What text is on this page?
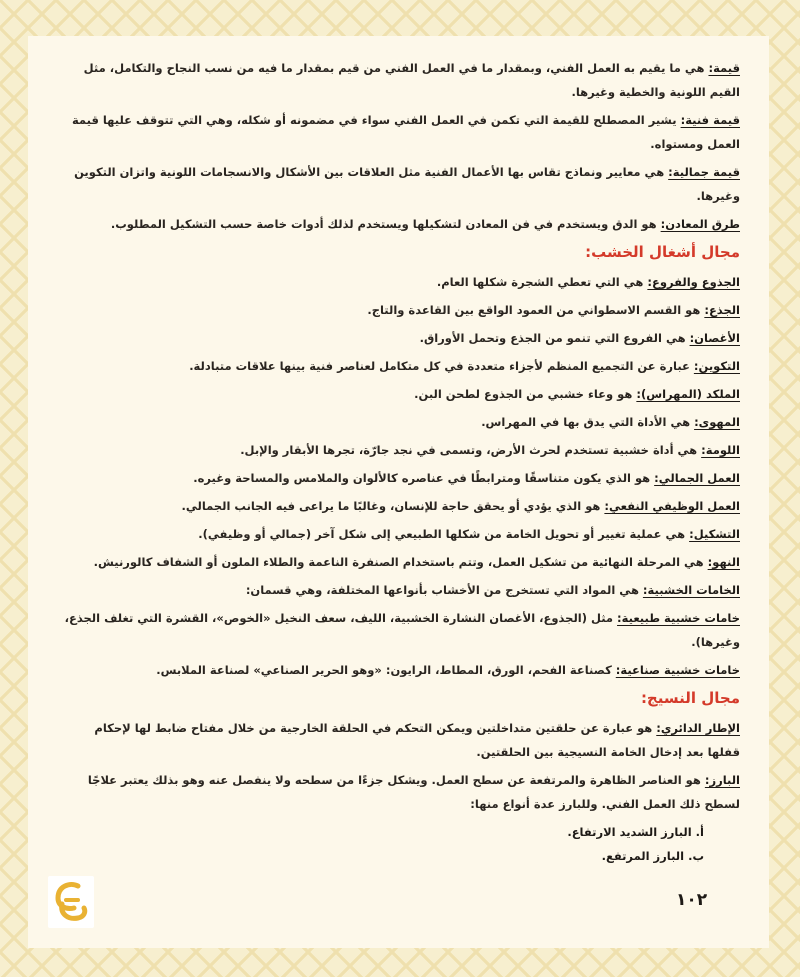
قيمة: هي ما يقيم به العمل الفني، وبمقدار ما في العمل الفني من قيم بمقدار ما فيه من نسب النجاح والتكامل، مثل القيم اللونية والخطية وغيرها.

قيمة فنية: يشير المصطلح للقيمة التي تكمن في العمل الفني سواء في مضمونه أو شكله، وهي التي تتوقف عليها قيمة العمل ومستواه.

قيمة جمالية: هي معايير ونماذج تقاس بها الأعمال الفنية مثل العلاقات بين الأشكال والانسجامات اللونية واتزان التكوين وغيرها.

طرق المعادن: هو الدق ويستخدم في فن المعادن لتشكيلها ويستخدم لذلك أدوات خاصة حسب التشكيل المطلوب.

مجال أشغال الخشب:

الجذوع والفروع: هي التي تعطي الشجرة شكلها العام.

الجذع: هو القسم الاسطواني من العمود الواقع بين القاعدة والتاج.

الأغصان: هي الفروع التي تنمو من الجذع وتحمل الأوراق.

التكوين: عبارة عن التجميع المنظم لأجزاء متعددة في كل متكامل لعناصر فنية بينها علاقات متبادلة.

الملكد (المهراس): هو وعاء خشبي من الجذوع لطحن البن.

المهوى: هي الأداة التي يدق بها في المهراس.

اللومة: هي أداة خشبية تستخدم لحرث الأرض، وتسمى في نجد جارّة، تجرها الأبقار والإبل.

العمل الجمالي: هو الذي يكون متناسقًا ومترابطًا في عناصره كالألوان والملامس والمساحة وغيره.

العمل الوظيفي النفعي: هو الذي يؤدي أو يحقق حاجة للإنسان، وغالبًا ما يراعى فيه الجانب الجمالي.

التشكيل: هي عملية تغيير أو تحويل الخامة من شكلها الطبيعي إلى شكل آخر (جمالي أو وظيفي).

النهو: هي المرحلة النهائية من تشكيل العمل، وتتم باستخدام الصنفرة الناعمة والطلاء الملون أو الشفاف كالورنيش.

الخامات الخشبية: هي المواد التي تستخرج من الأخشاب بأنواعها المختلفة، وهي قسمان:

خامات خشبية طبيعية: مثل (الجذوع، الأغصان النشارة الخشبية، الليف، سعف النخيل «الخوص»، القشرة التي تغلف الجذع، وغيرها).

خامات خشبية صناعية: كصناعة الفحم، الورق، المطاط، الرايون: «وهو الحرير الصناعي» لصناعة الملابس.

مجال النسيج:

الإطار الدائري: هو عبارة عن حلقتين متداخلتين ويمكن التحكم في الحلقة الخارجية من خلال مفتاح ضابط لها لإحكام قفلها بعد إدخال الخامة النسيجية بين الحلقتين.

البارز: هو العناصر الظاهرة والمرتفعة عن سطح العمل. ويشكل جزءًا من سطحه ولا ينفصل عنه وهو بذلك يعتبر علاجًا لسطح ذلك العمل الفني. وللبارز عدة أنواع منها:

أ. البارز الشديد الارتفاع.
ب. البارز المرتفع.
١٠٢
